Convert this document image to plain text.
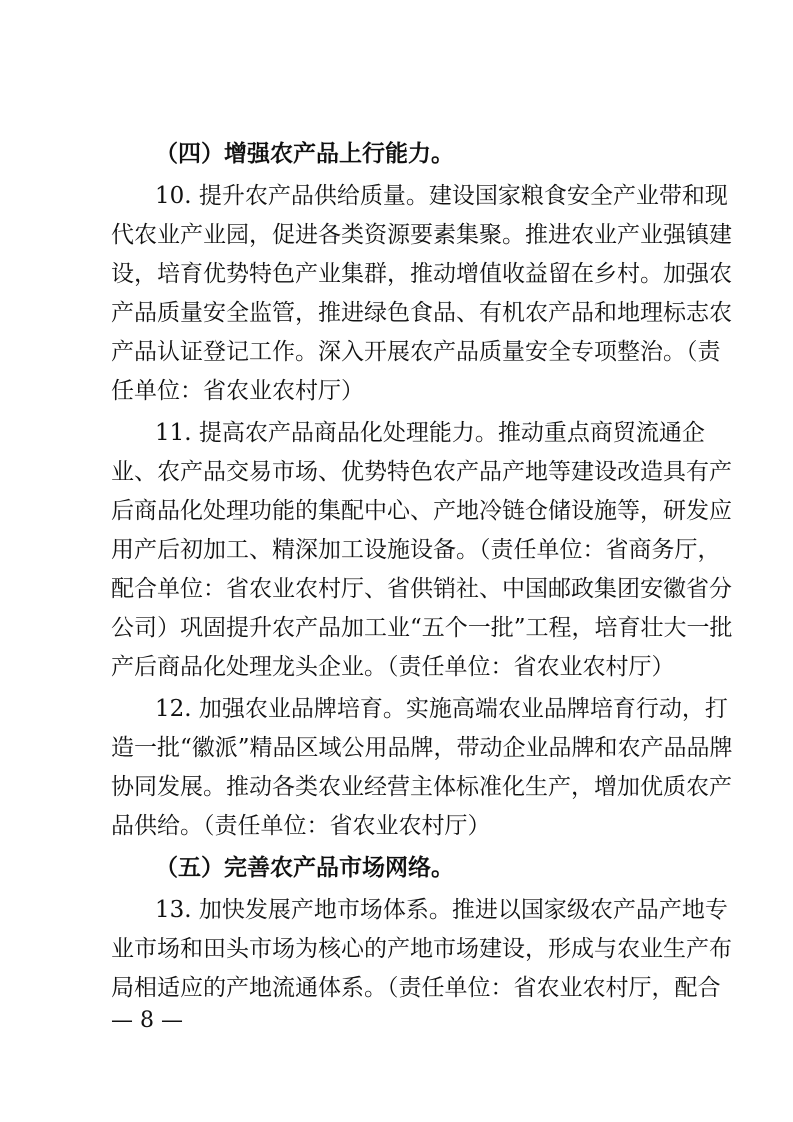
（四）增强农产品上行能力。
10. 提升农产品供给质量。建设国家粮食安全产业带和现
代农业产业园，促进各类资源要素集聚。推进农业产业强镇建
设，培育优势特色产业集群，推动增值收益留在乡村。加强农
产品质量安全监管，推进绿色食品、有机农产品和地理标志农
产品认证登记工作。深入开展农产品质量安全专项整治。（责
任单位：省农业农村厅）
11. 提高农产品商品化处理能力。推动重点商贸流通企
业、农产品交易市场、优势特色农产品产地等建设改造具有产
后商品化处理功能的集配中心、产地冷链仓储设施等，研发应
用产后初加工、精深加工设施设备。（责任单位：省商务厅，
配合单位：省农业农村厅、省供销社、中国邮政集团安徽省分
公司）巩固提升农产品加工业“五个一批”工程，培育壮大一批
产后商品化处理龙头企业。（责任单位：省农业农村厅）
12. 加强农业品牌培育。实施高端农业品牌培育行动，打
造一批“徽派”精品区域公用品牌，带动企业品牌和农产品品牌
协同发展。推动各类农业经营主体标准化生产，增加优质农产
品供给。（责任单位：省农业农村厅）
（五）完善农产品市场网络。
13. 加快发展产地市场体系。推进以国家级农产品产地专
业市场和田头市场为核心的产地市场建设，形成与农业生产布
局相适应的产地流通体系。（责任单位：省农业农村厅，配合
— 8 —
